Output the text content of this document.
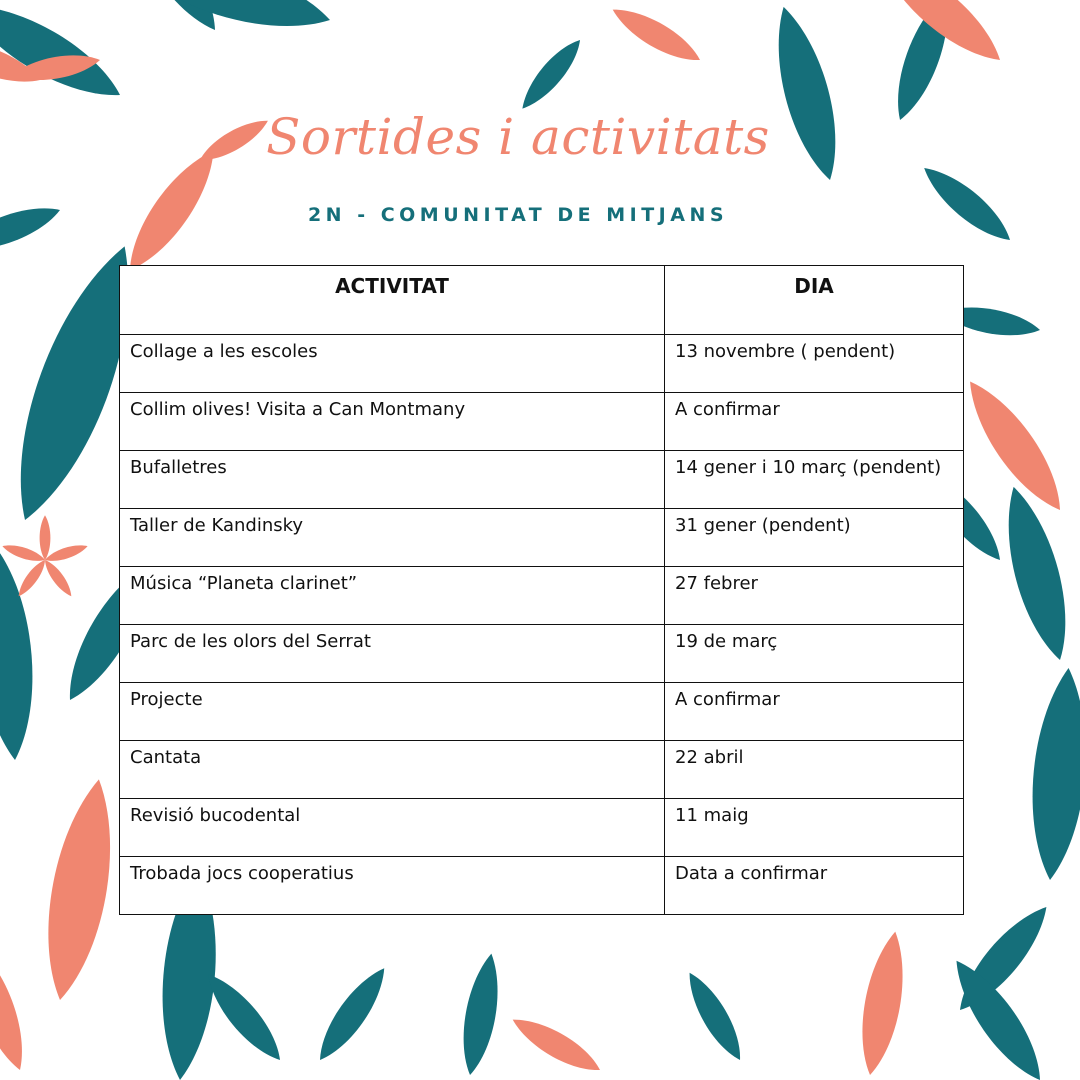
Sortides i activitats
2N - COMUNITAT DE MITJANS
ACTIVITAT	DIA
Collage a les escoles	13 novembre ( pendent)
Collim olives! Visita a Can Montmany	A confirmar
Bufalletres	14 gener i 10 març (pendent)
Taller de Kandinsky	31 gener (pendent)
Música “Planeta clarinet”	27 febrer
Parc de les olors del Serrat	19 de març
Projecte	A confirmar
Cantata	22 abril
Revisió bucodental	11 maig
Trobada jocs cooperatius	Data a confirmar
